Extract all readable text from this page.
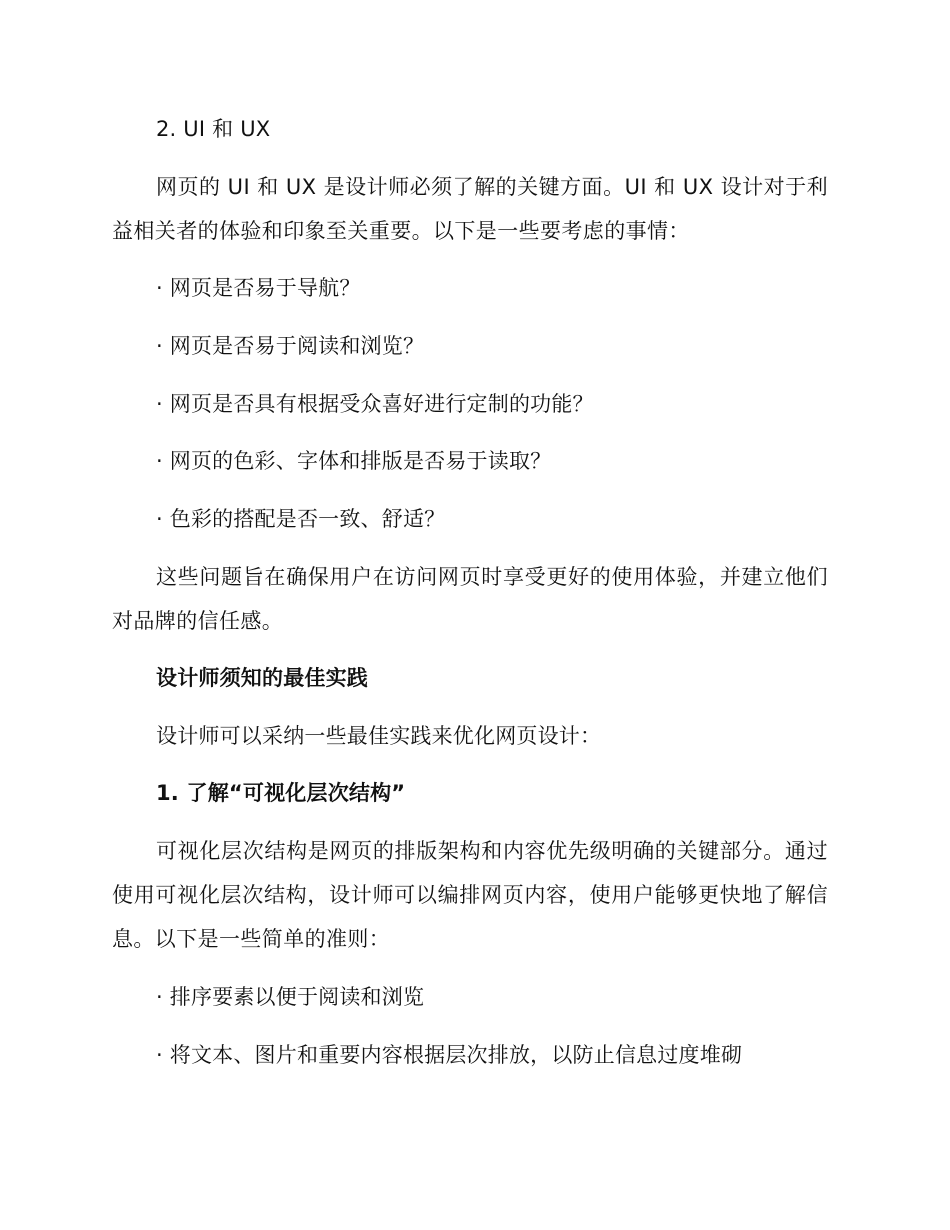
2. UI 和 UX
网页的 UI 和 UX 是设计师必须了解的关键方面。UI 和 UX 设计对于利益相关者的体验和印象至关重要。以下是一些要考虑的事情：
· 网页是否易于导航？
· 网页是否易于阅读和浏览？
· 网页是否具有根据受众喜好进行定制的功能？
· 网页的色彩、字体和排版是否易于读取？
· 色彩的搭配是否一致、舒适？
这些问题旨在确保用户在访问网页时享受更好的使用体验，并建立他们对品牌的信任感。
设计师须知的最佳实践
设计师可以采纳一些最佳实践来优化网页设计：
1. 了解“可视化层次结构”
可视化层次结构是网页的排版架构和内容优先级明确的关键部分。通过使用可视化层次结构，设计师可以编排网页内容，使用户能够更快地了解信息。以下是一些简单的准则：
· 排序要素以便于阅读和浏览
· 将文本、图片和重要内容根据层次排放，以防止信息过度堆砌
